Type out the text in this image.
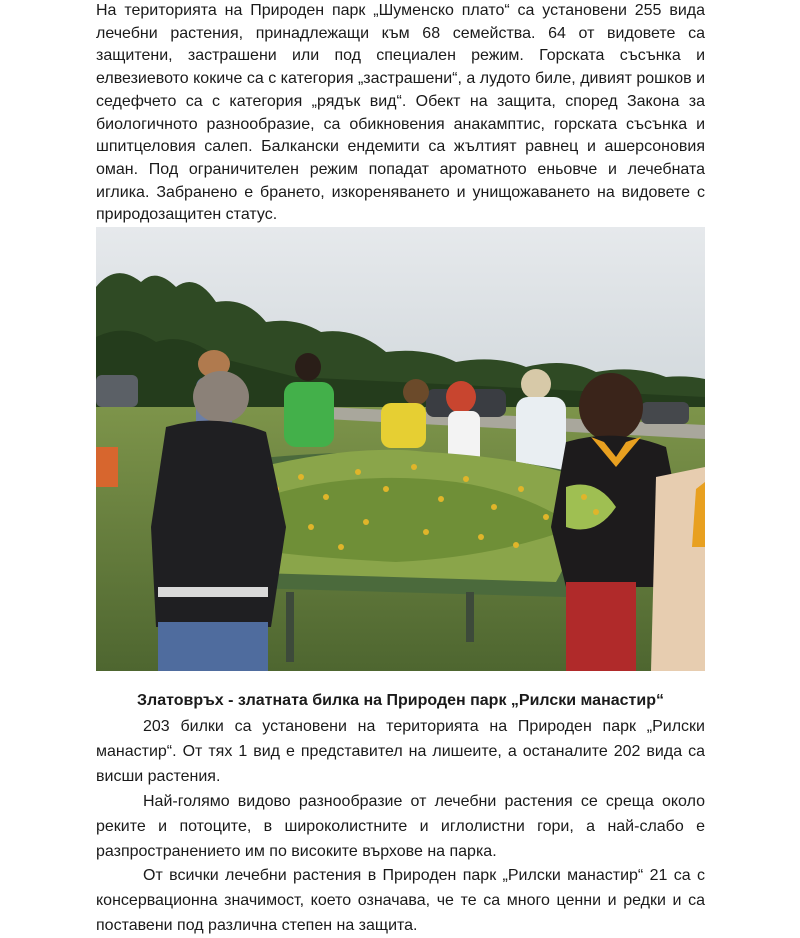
На територията на Природен парк „Шуменско плато“ са установени 255 вида лечебни растения, принадлежащи към 68 семейства. 64 от видовете са защитени, застрашени или под специален режим. Горската съсънка и елвезиевото кокиче са с категория „застрашени“, а лудото биле, дивият рошков и седефчето са с категория „рядък вид“. Обект на защита, според Закона за биологичното разнообразие, са обикновения анакамптис, горската съсънка и шпитцеловия салеп. Балкански ендемити са жълтият равнец и ашерсоновия оман. Под ограничителен режим попадат ароматното еньовче и лечебната иглика. Забранено е брането, изкореняването и унищожаването на видовете с природозащитен статус.

Златовръх - златната билка на Природен парк „Рилски манастир“

203 билки са установени на територията на Природен парк „Рилски манастир“. От тях 1 вид е представител на лишеите, а останалите 202 вида са висши растения.

Най-голямо видово разнообразие от лечебни растения се среща около реките и потоците, в широколистните и иглолистни гори, а най-слабо е разпространението им по високите върхове на парка.

От всички лечебни растения в Природен парк „Рилски манастир“ 21 са с консервационна значимост, което означава, че те са много ценни и редки и са поставени под различна степен на защита.
